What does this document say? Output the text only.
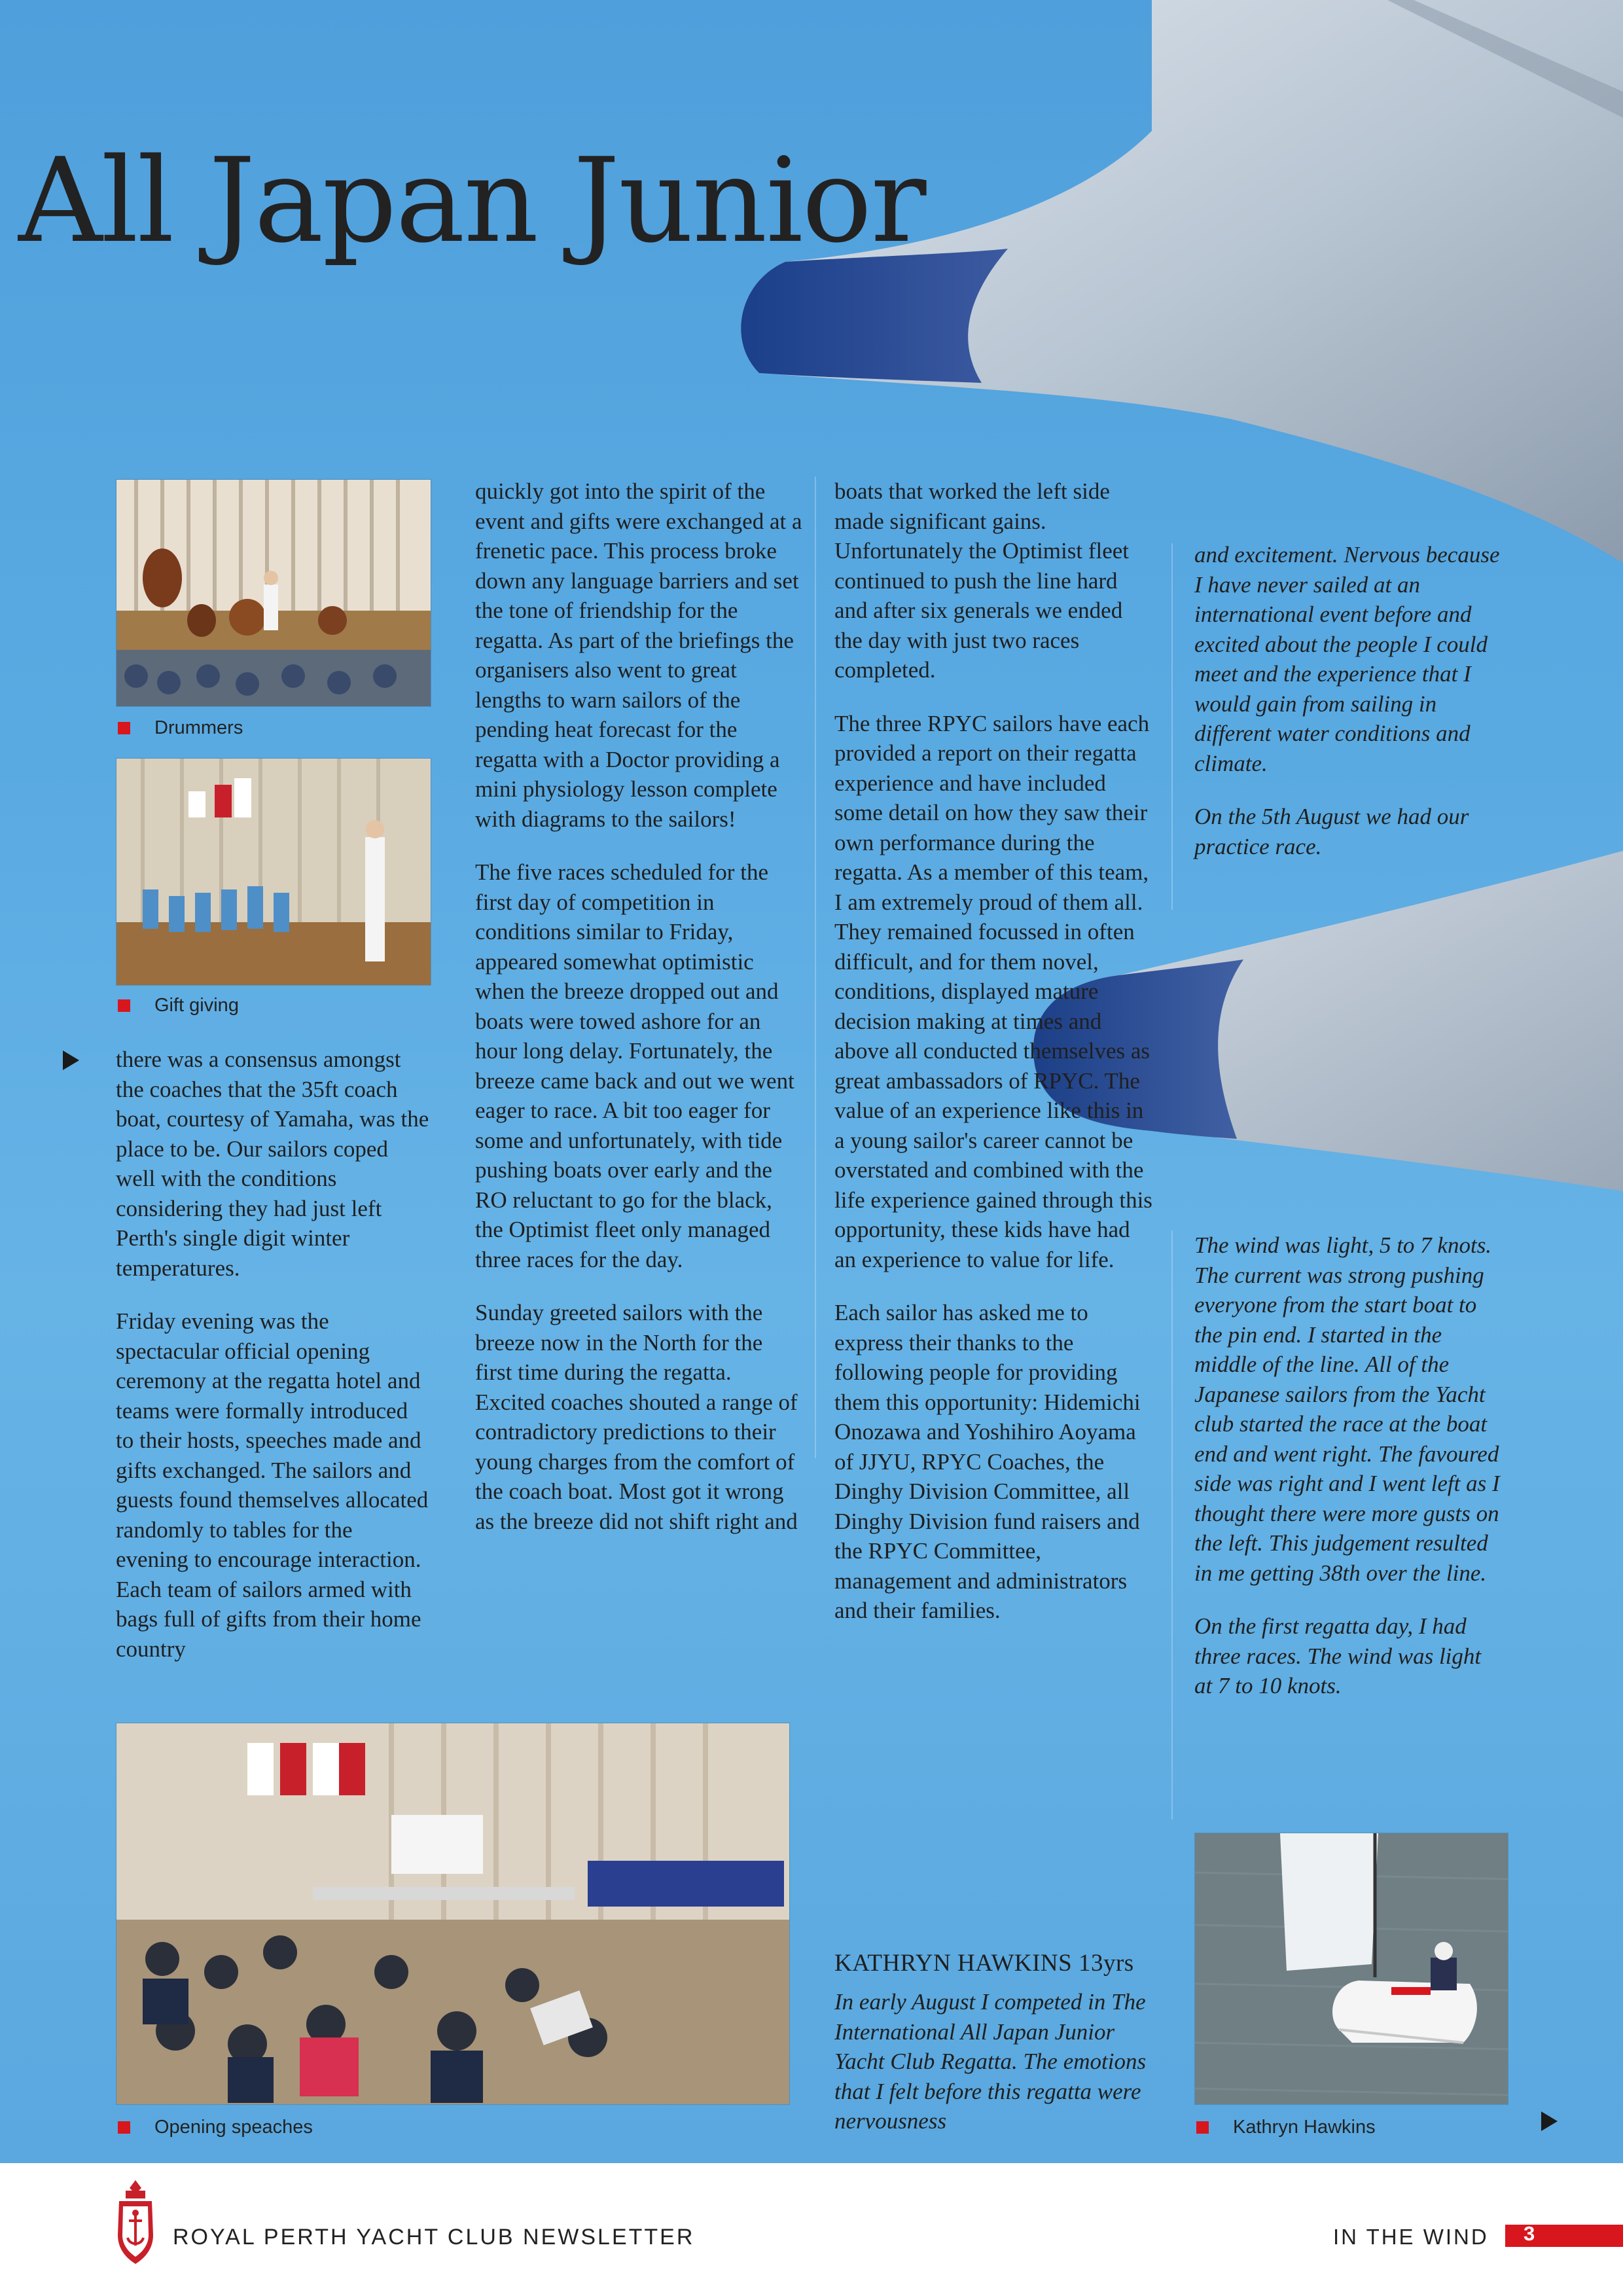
All Japan Junior
Drummers
Gift giving

there was a consensus amongst the coaches that the 35ft coach boat, courtesy of Yamaha, was the place to be. Our sailors coped well with the conditions considering they had just left Perth's single digit winter temperatures.

Friday evening was the spectacular official opening ceremony at the regatta hotel and teams were formally introduced to their hosts, speeches made and gifts exchanged. The sailors and guests found themselves allocated randomly to tables for the evening to encourage interaction. Each team of sailors armed with bags full of gifts from their home country

quickly got into the spirit of the event and gifts were exchanged at a frenetic pace. This process broke down any language barriers and set the tone of friendship for the regatta. As part of the briefings the organisers also went to great lengths to warn sailors of the pending heat forecast for the regatta with a Doctor providing a mini physiology lesson complete with diagrams to the sailors!

The five races scheduled for the first day of competition in conditions similar to Friday, appeared somewhat optimistic when the breeze dropped out and boats were towed ashore for an hour long delay. Fortunately, the breeze came back and out we went eager to race. A bit too eager for some and unfortunately, with tide pushing boats over early and the RO reluctant to go for the black, the Optimist fleet only managed three races for the day.

Sunday greeted sailors with the breeze now in the North for the first time during the regatta. Excited coaches shouted a range of contradictory predictions to their young charges from the comfort of the coach boat. Most got it wrong as the breeze did not shift right and

Opening speaches

boats that worked the left side made significant gains. Unfortunately the Optimist fleet continued to push the line hard and after six generals we ended the day with just two races completed.

The three RPYC sailors have each provided a report on their regatta experience and have included some detail on how they saw their own performance during the regatta. As a member of this team, I am extremely proud of them all. They remained focussed in often difficult, and for them novel, conditions, displayed mature decision making at times and above all conducted themselves as great ambassadors of RPYC. The value of an experience like this in a young sailor's career cannot be overstated and combined with the life experience gained through this opportunity, these kids have had an experience to value for life.

Each sailor has asked me to express their thanks to the following people for providing them this opportunity: Hidemichi Onozawa and Yoshihiro Aoyama of JJYU, RPYC Coaches, the Dinghy Division Committee, all Dinghy Division fund raisers and the RPYC Committee, management and administrators and their families.

KATHRYN HAWKINS 13yrs

In early August I competed in The International All Japan Junior Yacht Club Regatta. The emotions that I felt before this regatta were nervousness

and excitement. Nervous because I have never sailed at an international event before and excited about the people I could meet and the experience that I would gain from sailing in different water conditions and climate.

On the 5th August we had our practice race.

The wind was light, 5 to 7 knots. The current was strong pushing everyone from the start boat to the pin end. I started in the middle of the line. All of the Japanese sailors from the Yacht club started the race at the boat end and went right. The favoured side was right and I went left as I thought there were more gusts on the left. This judgement resulted in me getting 38th over the line.

On the first regatta day, I had three races. The wind was light at 7 to 10 knots.

Kathryn Hawkins
ROYAL PERTH YACHT CLUB NEWSLETTER	IN THE WIND 3
